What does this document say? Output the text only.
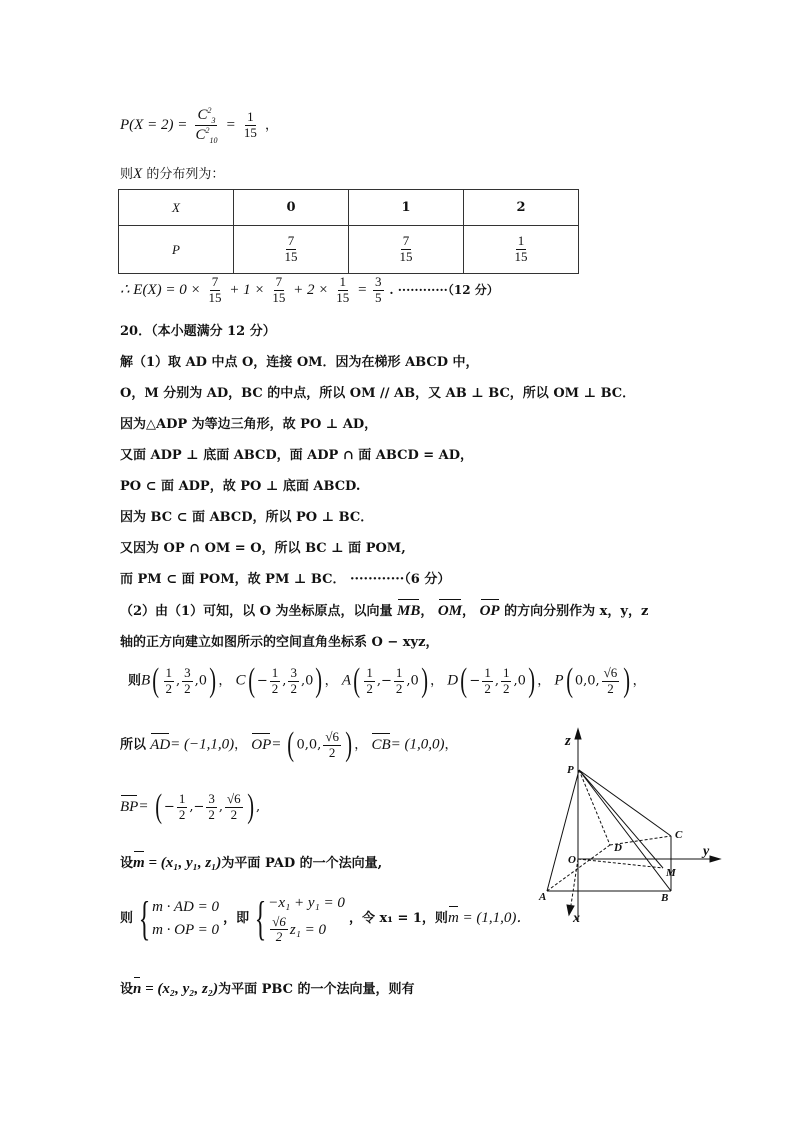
$P(X = 2) = \frac{C^2_3}{C^2_{10}} = \frac{1}{15}$ ，
则X 的分布列为：
X	0	1	2
P	$\frac{7}{15}$	$\frac{7}{15}$	$\frac{1}{15}$
∴ $E(X) = 0 \times \frac{7}{15} + 1 \times \frac{7}{15} + 2 \times \frac{1}{15} = \frac{3}{5}$ . ············（12 分）
20．（本小题满分 12 分）
解（1）取 AD 中点 O，连接 OM．因为在梯形 ABCD 中，
O，M 分别为 AD，BC 的中点，所以 OM // AB，又 AB ⊥ BC，所以 OM ⊥ BC．
因为△ADP 为等边三角形，故 PO ⊥ AD，
又面 ADP ⊥ 底面 ABCD，面 ADP ∩ 面 ABCD = AD，
PO ⊂ 面 ADP，故 PO ⊥ 底面 ABCD.
因为 BC ⊂ 面 ABCD，所以 PO ⊥ BC．
又因为 OP ∩ OM = O，所以 BC ⊥ 面 POM,
而 PM ⊂ 面 POM，故 PM ⊥ BC． ············（6 分）
（2）由（1）可知，以 O 为坐标原点，以向量 MB， OM， OP 的方向分别作为 x，y，z
轴的正方向建立如图所示的空间直角坐标系 O − xyz，
则$B( \frac{1}{2}$ , $\frac{3}{2} ,0$) ， $C( - \frac{1}{2}$ , $\frac{3}{2} ,0$) ， $A( \frac{1}{2}$ ,− $\frac{1}{2} ,0$) ， $D( - \frac{1}{2}$ , $\frac{1}{2} ,0$) ， P( 0,0, $\frac{√6}{2}$ ) ，
所以 AD= (−1,1,0)， OP= ( 0,0, $\frac{√6}{2}$ ) ， CB= (1,0,0)，
BP= ( − $\frac{1}{2}$ ,− $\frac{3}{2}$ , $\frac{√6}{2}$ ) ,
设m = (x₁, y₁, z₁)为平面 PAD 的一个法向量,
则 { m · AD = 0
m · OP = 0
，即 { −x₁ + y₁ = 0
$\frac{√6}{2} z_1 = 0$
，令 x₁ = 1，则m = (1,1,0)．
设n = (x₂, y₂, z₂)为平面 PBC 的一个法向量，则有
z
y
x
P
C
D
O
M
A	B
